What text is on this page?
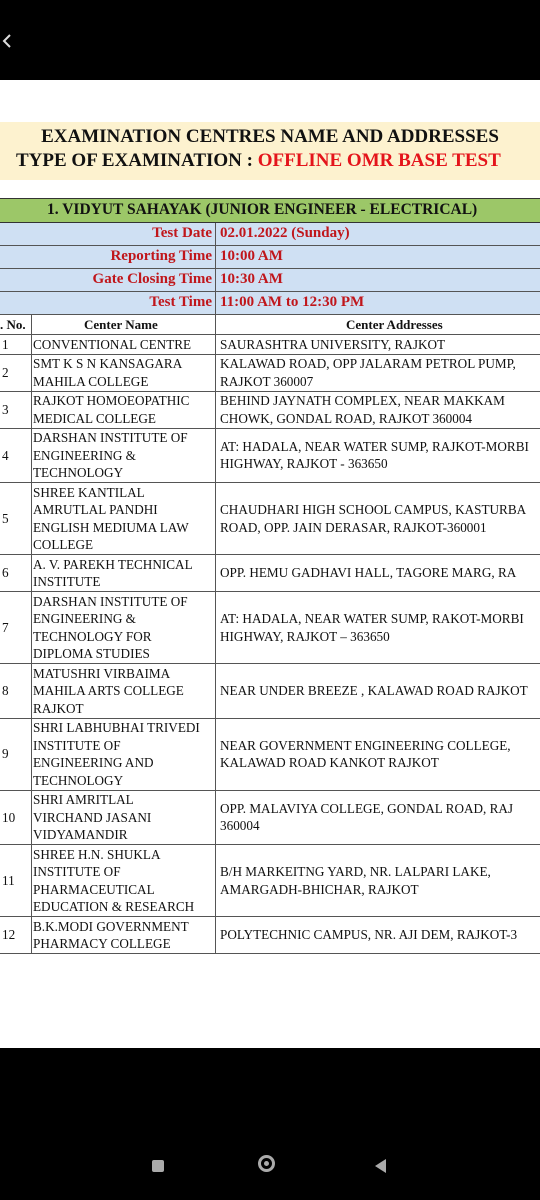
EXAMINATION CENTRES NAME AND ADDRESSES
TYPE OF EXAMINATION : OFFLINE OMR BASE TEST
1. VIDYUT SAHAYAK (JUNIOR ENGINEER - ELECTRICAL)
Test Date 02.01.2022 (Sunday)
Reporting Time 10:00 AM
Gate Closing Time 10:30 AM
Test Time 11:00 AM to 12:30 PM
. No.	Center Name	Center Addresses
1 CONVENTIONAL CENTRE SAURASHTRA UNIVERSITY, RAJKOT
2
SMT K S N KANSAGARA
MAHILA COLLEGE
KALAWAD ROAD, OPP JALARAM PETROL PUMP,
RAJKOT 360007
3
RAJKOT HOMOEOPATHIC
MEDICAL COLLEGE
BEHIND JAYNATH COMPLEX, NEAR MAKKAM
CHOWK, GONDAL ROAD, RAJKOT 360004
4
DARSHAN INSTITUTE OF
ENGINEERING &
TECHNOLOGY
AT: HADALA, NEAR WATER SUMP, RAJKOT-MORBI
HIGHWAY, RAJKOT - 363650
5
SHREE KANTILAL
AMRUTLAL PANDHI
ENGLISH MEDIUMA LAW
COLLEGE
CHAUDHARI HIGH SCHOOL CAMPUS, KASTURBA
ROAD, OPP. JAIN DERASAR, RAJKOT-360001
6
A. V. PAREKH TECHNICAL
INSTITUTE
OPP. HEMU GADHAVI HALL, TAGORE MARG, RA
7
DARSHAN INSTITUTE OF
ENGINEERING &
TECHNOLOGY FOR
DIPLOMA STUDIES
AT: HADALA, NEAR WATER SUMP, RAKOT-MORBI
HIGHWAY, RAJKOT – 363650
8
MATUSHRI VIRBAIMA
MAHILA ARTS COLLEGE
RAJKOT
NEAR UNDER BREEZE , KALAWAD ROAD RAJKOT
9
SHRI LABHUBHAI TRIVEDI
INSTITUTE OF
ENGINEERING AND
TECHNOLOGY
NEAR GOVERNMENT ENGINEERING COLLEGE,
KALAWAD ROAD KANKOT RAJKOT
10
SHRI AMRITLAL
VIRCHAND JASANI
VIDYAMANDIR
OPP. MALAVIYA COLLEGE, GONDAL ROAD, RAJ
360004
11
SHREE H.N. SHUKLA
INSTITUTE OF
PHARMACEUTICAL
EDUCATION & RESEARCH
B/H MARKEITNG YARD, NR. LALPARI LAKE,
AMARGADH-BHICHAR, RAJKOT
12
B.K.MODI GOVERNMENT
PHARMACY COLLEGE
POLYTECHNIC CAMPUS, NR. AJI DEM, RAJKOT-3
